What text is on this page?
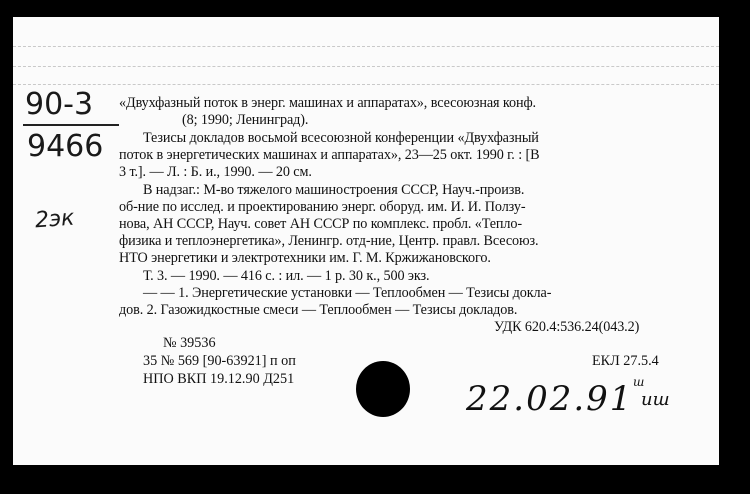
90-3
9466
2эк
«Двухфазный поток в энерг. машинах и аппаратах», всесоюзная конф.
(8; 1990; Ленинград).
Тезисы докладов восьмой всесоюзной конференции «Двухфазный
поток в энергетических машинах и аппаратах», 23—25 окт. 1990 г. : [В
3 т.]. — Л. : Б. и., 1990. — 20 см.
В надзаг.: М-во тяжелого машиностроения СССР, Науч.-произв.
об-ние по исслед. и проектированию энерг. оборуд. им. И. И. Ползу-
нова, АН СССР, Науч. совет АН СССР по комплекс. пробл. «Тепло-
физика и теплоэнергетика», Ленингр. отд-ние, Центр. правл. Всесоюз.
НТО энергетики и электротехники им. Г. М. Кржижановского.
Т. 3. — 1990. — 416 с. : ил. — 1 р. 30 к., 500 экз.
— — 1. Энергетические установки — Теплообмен — Тезисы доклa-
дов. 2. Газожидкостные смеси — Теплообмен — Тезисы докладов.
УДК 620.4:536.24(043.2)
№ 39536
35 № 569 [90-63921] п оп
НПО ВКП 19.12.90 Д251
ЕКЛ 27.5.4
22.02.91 ш
иш
